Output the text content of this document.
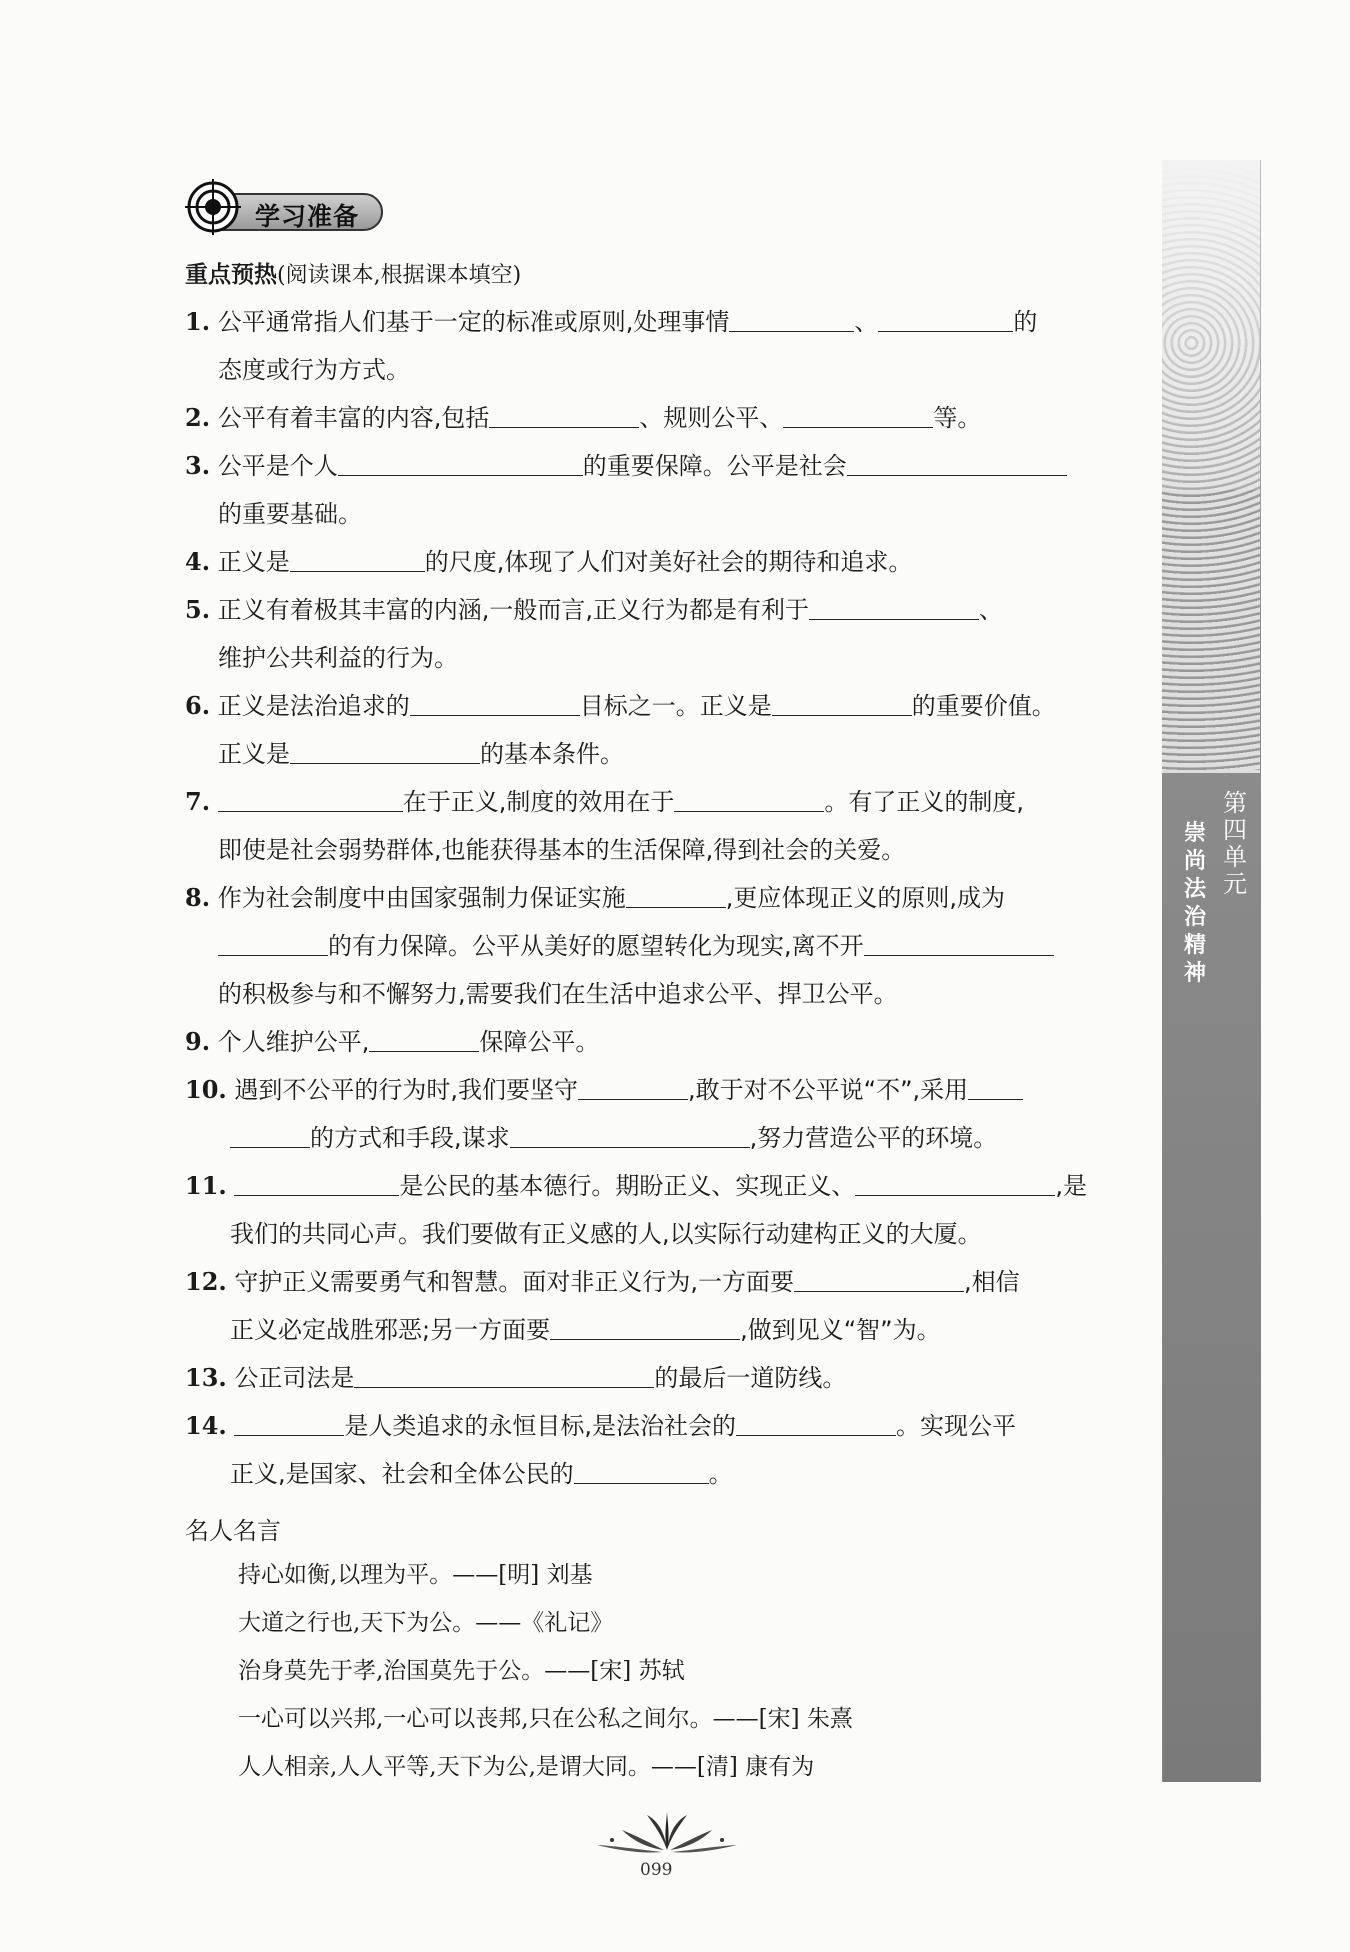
学习准备
重点预热(阅读课本,根据课本填空)
1. 公平通常指人们基于一定的标准或原则,处理事情	、	的
态度或行为方式。
2. 公平有着丰富的内容,包括	、规则公平、	等。
3. 公平是个人	的重要保障。公平是社会
的重要基础。
4. 正义是	的尺度,体现了人们对美好社会的期待和追求。
5. 正义有着极其丰富的内涵,一般而言,正义行为都是有利于	、
维护公共利益的行为。
6. 正义是法治追求的	目标之一。正义是	的重要价值。
正义是	的基本条件。
7.	在于正义,制度的效用在于	。有了正义的制度,
即使是社会弱势群体,也能获得基本的生活保障,得到社会的关爱。
8. 作为社会制度中由国家强制力保证实施	,更应体现正义的原则,成为
的有力保障。公平从美好的愿望转化为现实,离不开
的积极参与和不懈努力,需要我们在生活中追求公平、捍卫公平。
9. 个人维护公平,	保障公平。
10. 遇到不公平的行为时,我们要坚守	,敢于对不公平说“不”,采用
的方式和手段,谋求	,努力营造公平的环境。
11.	是公民的基本德行。期盼正义、实现正义、	,是
我们的共同心声。我们要做有正义感的人,以实际行动建构正义的大厦。
12. 守护正义需要勇气和智慧。面对非正义行为,一方面要	,相信
正义必定战胜邪恶;另一方面要	,做到见义“智”为。
13. 公正司法是	的最后一道防线。
14.	是人类追求的永恒目标,是法治社会的	。实现公平
正义,是国家、社会和全体公民的	。
名人名言
持心如衡,以理为平。——[明] 刘基
大道之行也,天下为公。——《礼记》
治身莫先于孝,治国莫先于公。——[宋] 苏轼
一心可以兴邦,一心可以丧邦,只在公私之间尔。——[宋] 朱熹
人人相亲,人人平等,天下为公,是谓大同。——[清] 康有为
第四单元
崇尚法治精神
099
